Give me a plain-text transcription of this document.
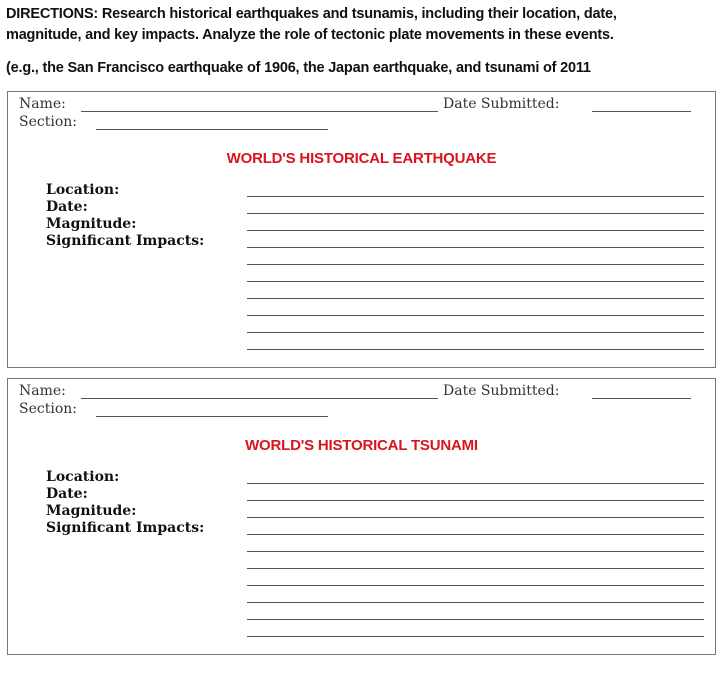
DIRECTIONS: Research historical earthquakes and tsunamis, including their location, date,
magnitude, and key impacts. Analyze the role of tectonic plate movements in these events.
(e.g., the San Francisco earthquake of 1906, the Japan earthquake, and tsunami of 2011
Name:	Date Submitted:
Section:
WORLD'S HISTORICAL EARTHQUAKE
Location:
Date:
Magnitude:
Significant Impacts:
Name:	Date Submitted:
Section:
WORLD'S HISTORICAL TSUNAMI
Location:
Date:
Magnitude:
Significant Impacts:
